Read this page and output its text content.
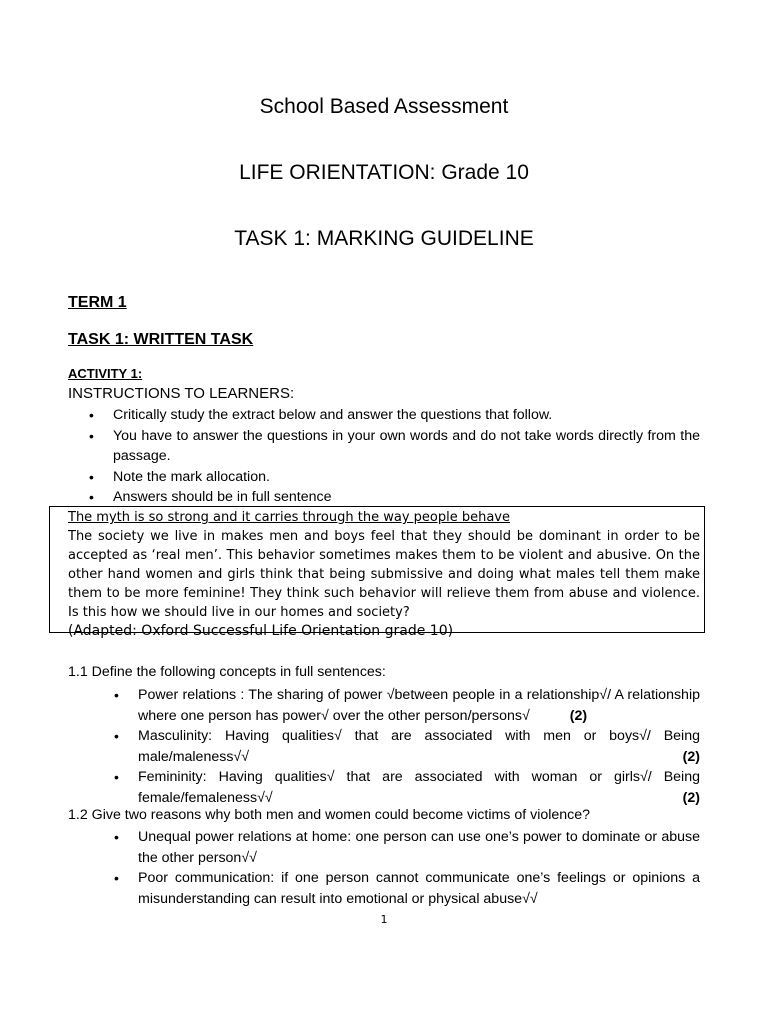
School Based Assessment
LIFE ORIENTATION: Grade 10
TASK 1: MARKING GUIDELINE
TERM 1
TASK 1: WRITTEN TASK
ACTIVITY 1:
INSTRUCTIONS TO LEARNERS:
• Critically study the extract below and answer the questions that follow.
• You have to answer the questions in your own words and do not take words directly from the passage.
• Note the mark allocation.
• Answers should be in full sentence
The myth is so strong and it carries through the way people behave
The society we live in makes men and boys feel that they should be dominant in order to be accepted as ‘real men’. This behavior sometimes makes them to be violent and abusive. On the other hand women and girls think that being submissive and doing what males tell them make them to be more feminine! They think such behavior will relieve them from abuse and violence. Is this how we should live in our homes and society?
(Adapted: Oxford Successful Life Orientation grade 10)
1.1 Define the following concepts in full sentences:
• Power relations : The sharing of power √between people in a relationship√/ A relationship where one person has power√ over the other person/persons√	(2)
• Masculinity: Having qualities√ that are associated with men or boys√/ Being male/maleness√√	(2)
• Femininity: Having qualities√ that are associated with woman or girls√/ Being female/femaleness√√	(2)
1.2 Give two reasons why both men and women could become victims of violence?
• Unequal power relations at home: one person can use one’s power to dominate or abuse the other person√√
• Poor communication: if one person cannot communicate one’s feelings or opinions a misunderstanding can result into emotional or physical abuse√√
1
